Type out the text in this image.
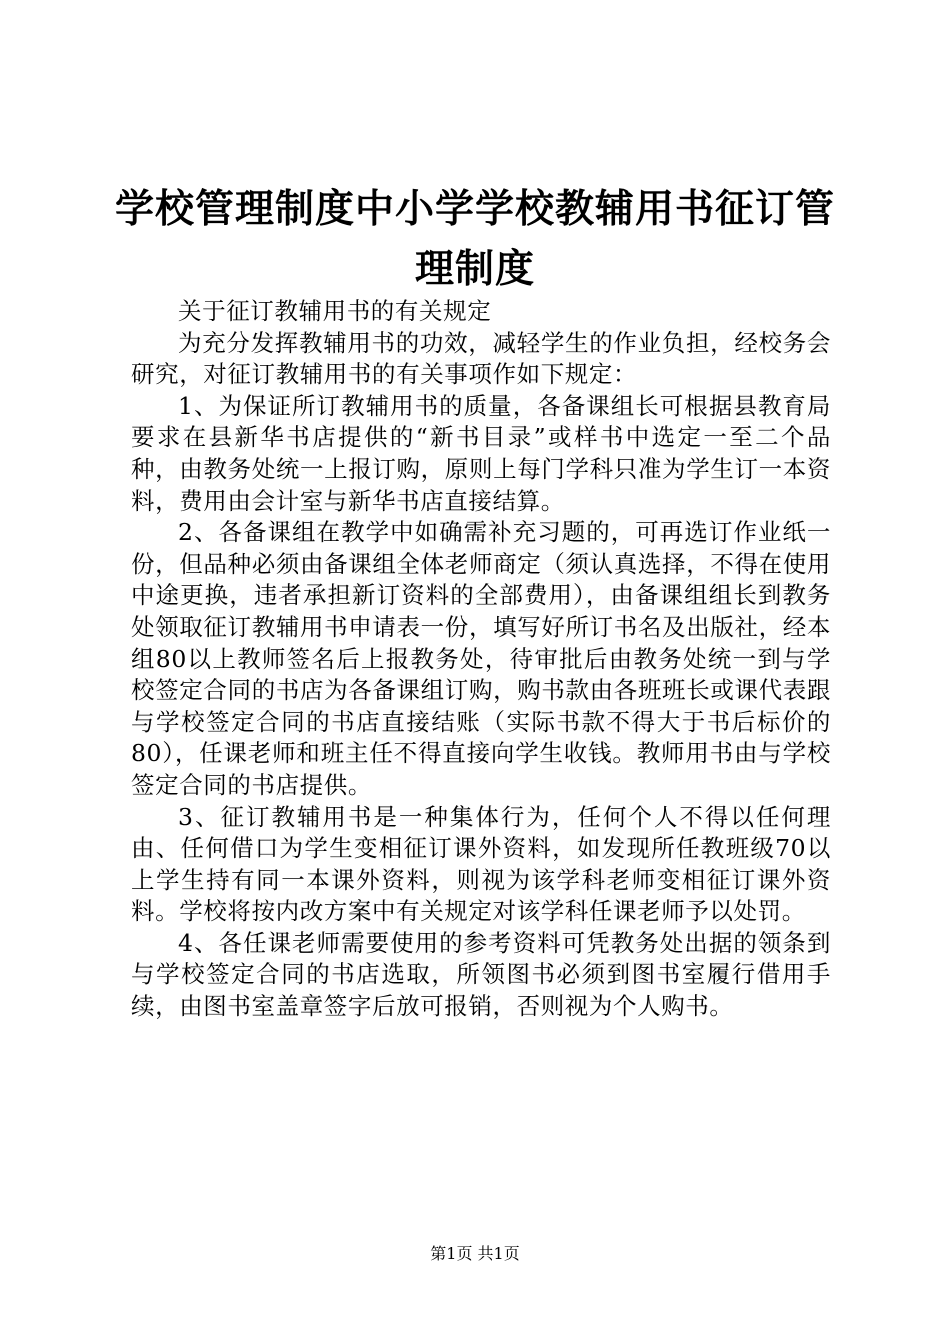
学校管理制度中小学学校教辅用书征订管理制度

关于征订教辅用书的有关规定

为充分发挥教辅用书的功效，减轻学生的作业负担，经校务会研究，对征订教辅用书的有关事项作如下规定：

1、为保证所订教辅用书的质量，各备课组长可根据县教育局要求在县新华书店提供的“新书目录”或样书中选定一至二个品种，由教务处统一上报订购，原则上每门学科只准为学生订一本资料，费用由会计室与新华书店直接结算。

2、各备课组在教学中如确需补充习题的，可再选订作业纸一份，但品种必须由备课组全体老师商定（须认真选择，不得在使用中途更换，违者承担新订资料的全部费用），由备课组组长到教务处领取征订教辅用书申请表一份，填写好所订书名及出版社，经本组80以上教师签名后上报教务处，待审批后由教务处统一到与学校签定合同的书店为各备课组订购，购书款由各班班长或课代表跟与学校签定合同的书店直接结账（实际书款不得大于书后标价的80），任课老师和班主任不得直接向学生收钱。教师用书由与学校签定合同的书店提供。

3、征订教辅用书是一种集体行为，任何个人不得以任何理由、任何借口为学生变相征订课外资料，如发现所任教班级70以上学生持有同一本课外资料，则视为该学科老师变相征订课外资料。学校将按内改方案中有关规定对该学科任课老师予以处罚。

4、各任课老师需要使用的参考资料可凭教务处出据的领条到与学校签定合同的书店选取，所领图书必须到图书室履行借用手续，由图书室盖章签字后放可报销，否则视为个人购书。

第1页 共1页
